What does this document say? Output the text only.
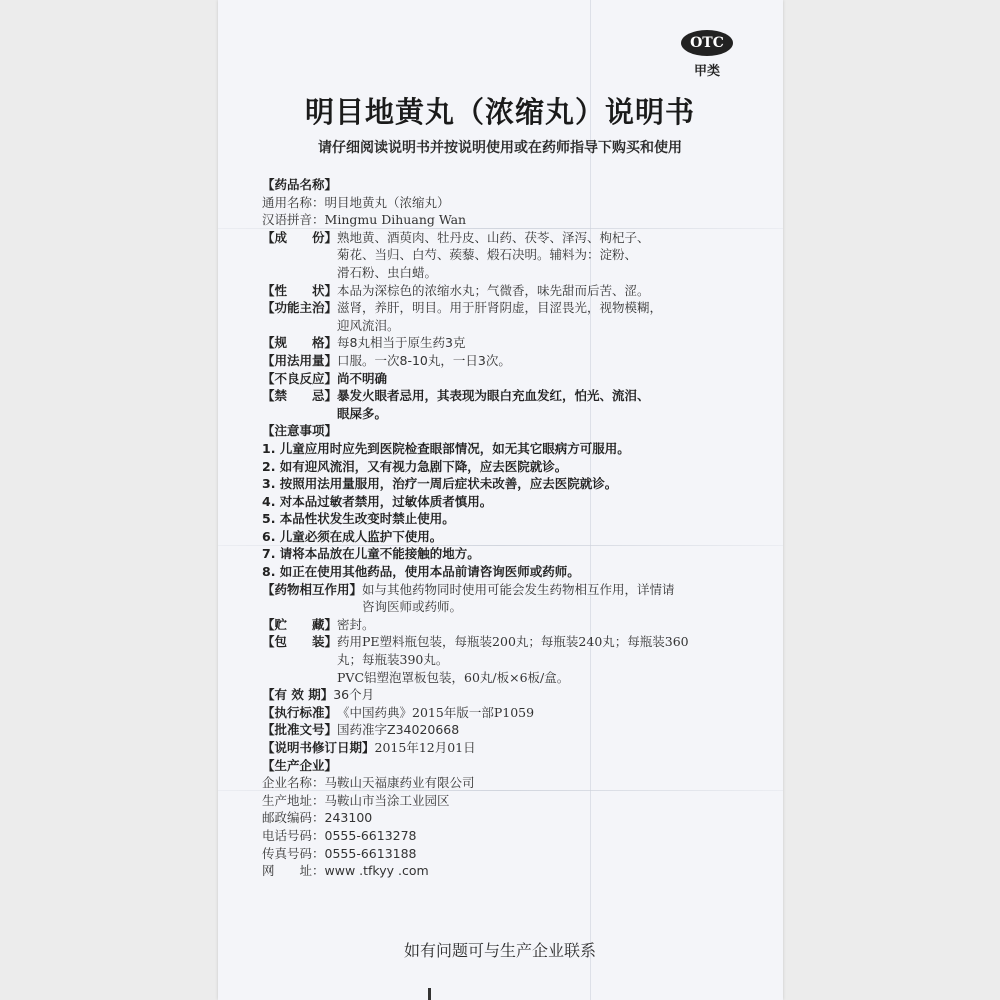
OTC
甲类
明目地黄丸（浓缩丸）说明书
请仔细阅读说明书并按说明使用或在药师指导下购买和使用
【药品名称】
通用名称：明目地黄丸（浓缩丸）
汉语拼音：Mingmu Dihuang Wan
【成　　份】 熟地黄、酒萸肉、牡丹皮、山药、茯苓、泽泻、枸杞子、
菊花、当归、白芍、蒺藜、煅石决明。辅料为：淀粉、
滑石粉、虫白蜡。
【性　　状】 本品为深棕色的浓缩水丸；气微香，味先甜而后苦、涩。
【功能主治】 滋肾，养肝，明目。用于肝肾阴虚，目涩畏光，视物模糊，
迎风流泪。
【规　　格】 每8丸相当于原生药3克
【用法用量】 口服。一次8-10丸，一日3次。
【不良反应】 尚不明确
【禁　　忌】 暴发火眼者忌用，其表现为眼白充血发红，怕光、流泪、
眼屎多。
【注意事项】
1. 儿童应用时应先到医院检查眼部情况，如无其它眼病方可服用。
2. 如有迎风流泪，又有视力急剧下降，应去医院就诊。
3. 按照用法用量服用，治疗一周后症状未改善，应去医院就诊。
4. 对本品过敏者禁用，过敏体质者慎用。
5. 本品性状发生改变时禁止使用。
6. 儿童必须在成人监护下使用。
7. 请将本品放在儿童不能接触的地方。
8. 如正在使用其他药品，使用本品前请咨询医师或药师。
【药物相互作用】 如与其他药物同时使用可能会发生药物相互作用，详情请
咨询医师或药师。
【贮　　藏】 密封。
【包　　装】 药用PE塑料瓶包装，每瓶装200丸；每瓶装240丸；每瓶装360
丸；每瓶装390丸。
PVC铝塑泡罩板包装，60丸/板×6板/盒。
【有 效 期】 36个月
【执行标准】 《中国药典》2015年版一部P1059
【批准文号】 国药准字Z34020668
【说明书修订日期】 2015年12月01日
【生产企业】
企业名称：马鞍山天福康药业有限公司
生产地址：马鞍山市当涂工业园区
邮政编码：243100
电话号码：0555-6613278
传真号码：0555-6613188
网　　址：www .tfkyy .com
如有问题可与生产企业联系
